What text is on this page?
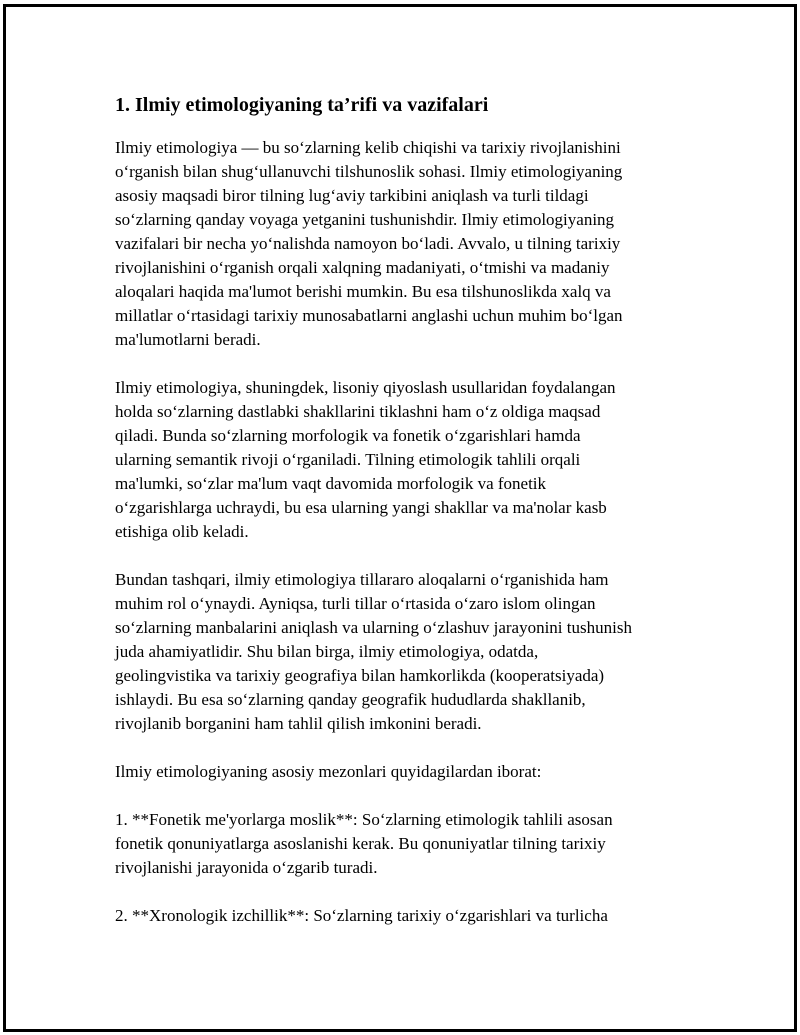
1. Ilmiy etimologiyaning ta’rifi va vazifalari

Ilmiy etimologiya — bu so‘zlarning kelib chiqishi va tarixiy rivojlanishini
o‘rganish bilan shug‘ullanuvchi tilshunoslik sohasi. Ilmiy etimologiyaning
asosiy maqsadi biror tilning lug‘aviy tarkibini aniqlash va turli tildagi
so‘zlarning qanday voyaga yetganini tushunishdir. Ilmiy etimologiyaning
vazifalari bir necha yo‘nalishda namoyon bo‘ladi. Avvalo, u tilning tarixiy
rivojlanishini o‘rganish orqali xalqning madaniyati, o‘tmishi va madaniy
aloqalari haqida ma'lumot berishi mumkin. Bu esa tilshunoslikda xalq va
millatlar o‘rtasidagi tarixiy munosabatlarni anglashi uchun muhim bo‘lgan
ma'lumotlarni beradi.

Ilmiy etimologiya, shuningdek, lisoniy qiyoslash usullaridan foydalangan
holda so‘zlarning dastlabki shakllarini tiklashni ham o‘z oldiga maqsad
qiladi. Bunda so‘zlarning morfologik va fonetik o‘zgarishlari hamda
ularning semantik rivoji o‘rganiladi. Tilning etimologik tahlili orqali
ma'lumki, so‘zlar ma'lum vaqt davomida morfologik va fonetik
o‘zgarishlarga uchraydi, bu esa ularning yangi shakllar va ma'nolar kasb
etishiga olib keladi.

Bundan tashqari, ilmiy etimologiya tillararo aloqalarni o‘rganishida ham
muhim rol o‘ynaydi. Ayniqsa, turli tillar o‘rtasida o‘zaro islom olingan
so‘zlarning manbalarini aniqlash va ularning o‘zlashuv jarayonini tushunish
juda ahamiyatlidir. Shu bilan birga, ilmiy etimologiya, odatda,
geolingvistika va tarixiy geografiya bilan hamkorlikda (kooperatsiyada)
ishlaydi. Bu esa so‘zlarning qanday geografik hududlarda shakllanib,
rivojlanib borganini ham tahlil qilish imkonini beradi.

Ilmiy etimologiyaning asosiy mezonlari quyidagilardan iborat:

1. **Fonetik me'yorlarga moslik**: So‘zlarning etimologik tahlili asosan
fonetik qonuniyatlarga asoslanishi kerak. Bu qonuniyatlar tilning tarixiy
rivojlanishi jarayonida o‘zgarib turadi.

2. **Xronologik izchillik**: So‘zlarning tarixiy o‘zgarishlari va turlicha
